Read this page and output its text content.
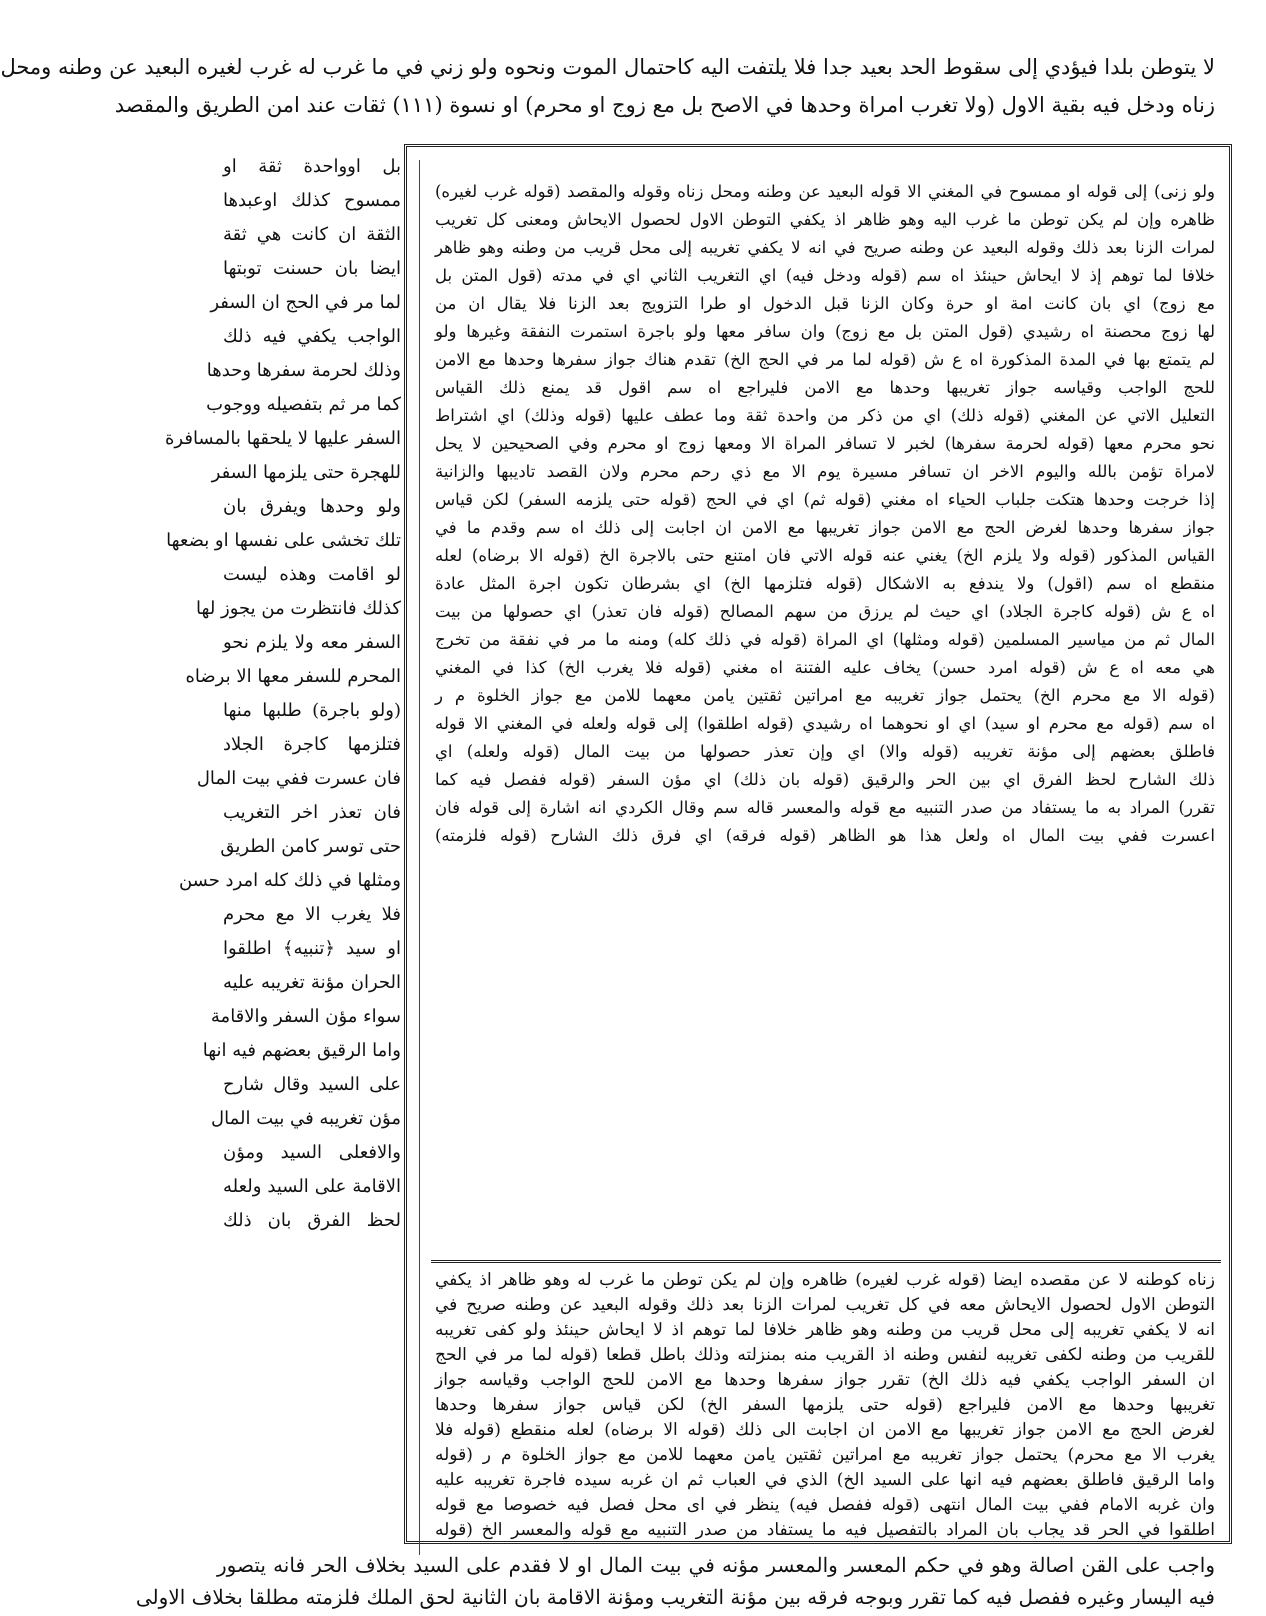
لا يتوطن بلدا فيؤدي إلى سقوط الحد بعيد جدا فلا يلتفت اليه كاحتمال الموت ونحوه ولو زني في ما غرب له غرب لغيره البعيد عن وطنه ومحل
زناه ودخل فيه بقية الاول (ولا تغرب امراة وحدها في الاصح بل مع زوج او محرم) او نسوة (١١١) ثقات عند امن الطريق والمقصد
ولو زنى) إلى قوله او ممسوح في المغني الا قوله البعيد عن وطنه ومحل زناه وقوله والمقصد (قوله غرب لغيره)
ظاهره وإن لم يكن توطن ما غرب اليه وهو ظاهر اذ يكفي التوطن الاول لحصول الايحاش ومعنى كل تغريب
لمرات الزنا بعد ذلك وقوله البعيد عن وطنه صريح في انه لا يكفي تغريبه إلى محل قريب من وطنه وهو ظاهر
خلافا لما توهم إذ لا ايحاش حينئذ اه سم (قوله ودخل فيه) اي التغريب الثاني اي في مدته (قول المتن بل
مع زوج) اي بان كانت امة او حرة وكان الزنا قبل الدخول او طرا التزويج بعد الزنا فلا يقال ان من
لها زوج محصنة اه رشيدي (قول المتن بل مع زوج) وان سافر معها ولو باجرة استمرت النفقة وغيرها ولو
لم يتمتع بها في المدة المذكورة اه ع ش (قوله لما مر في الحج الخ) تقدم هناك جواز سفرها وحدها مع الامن
للحج الواجب وقياسه جواز تغريبها وحدها مع الامن فليراجع اه سم اقول قد يمنع ذلك القياس
التعليل الاتي عن المغني (قوله ذلك) اي من ذكر من واحدة ثقة وما عطف عليها (قوله وذلك) اي اشتراط
نحو محرم معها (قوله لحرمة سفرها) لخبر لا تسافر المراة الا ومعها زوج او محرم وفي الصحيحين لا يحل
لامراة تؤمن بالله واليوم الاخر ان تسافر مسيرة يوم الا مع ذي رحم محرم ولان القصد تاديبها والزانية
إذا خرجت وحدها هتكت جلباب الحياء اه مغني (قوله ثم) اي في الحج (قوله حتى يلزمه السفر) لكن قياس
جواز سفرها وحدها لغرض الحج مع الامن جواز تغريبها مع الامن ان اجابت إلى ذلك اه سم وقدم ما في
القياس المذكور (قوله ولا يلزم الخ) يغني عنه قوله الاتي فان امتنع حتى بالاجرة الخ (قوله الا برضاه) لعله
منقطع اه سم (اقول) ولا يندفع به الاشكال (قوله فتلزمها الخ) اي بشرطان تكون اجرة المثل عادة
اه ع ش (قوله كاجرة الجلاد) اي حيث لم يرزق من سهم المصالح (قوله فان تعذر) اي حصولها من بيت
المال ثم من مياسير المسلمين (قوله ومثلها) اي المراة (قوله في ذلك كله) ومنه ما مر في نفقة من تخرج
هي معه اه ع ش (قوله امرد حسن) يخاف عليه الفتنة اه مغني (قوله فلا يغرب الخ) كذا في المغني
(قوله الا مع محرم الخ) يحتمل جواز تغريبه مع امراتين ثقتين يامن معهما للامن مع جواز الخلوة م ر
اه سم (قوله مع محرم او سيد) اي او نحوهما اه رشيدي (قوله اطلقوا) إلى قوله ولعله في المغني الا قوله
فاطلق بعضهم إلى مؤنة تغريبه (قوله والا) اي وإن تعذر حصولها من بيت المال (قوله ولعله) اي
ذلك الشارح لحظ الفرق اي بين الحر والرقيق (قوله بان ذلك) اي مؤن السفر (قوله ففصل فيه كما
تقرر) المراد به ما يستفاد من صدر التنبيه مع قوله والمعسر قاله سم وقال الكردي انه اشارة إلى قوله فان
اعسرت ففي بيت المال اه ولعل هذا هو الظاهر (قوله فرقه) اي فرق ذلك الشارح (قوله فلزمته)
زناه كوطنه لا عن مقصده ايضا (قوله غرب لغيره) ظاهره وإن لم يكن توطن ما غرب له وهو ظاهر اذ يكفي
التوطن الاول لحصول الايحاش معه في كل تغريب لمرات الزنا بعد ذلك وقوله البعيد عن وطنه صريح في
انه لا يكفي تغريبه إلى محل قريب من وطنه وهو ظاهر خلافا لما توهم اذ لا ايحاش حينئذ ولو كفى تغريبه
للقريب من وطنه لكفى تغريبه لنفس وطنه اذ القريب منه بمنزلته وذلك باطل قطعا (قوله لما مر في الحج
ان السفر الواجب يكفي فيه ذلك الخ) تقرر جواز سفرها وحدها مع الامن للحج الواجب وقياسه جواز
تغريبها وحدها مع الامن فليراجع (قوله حتى يلزمها السفر الخ) لكن قياس جواز سفرها وحدها
لغرض الحج مع الامن جواز تغريبها مع الامن ان اجابت الى ذلك (قوله الا برضاه) لعله منقطع (قوله فلا
يغرب الا مع محرم) يحتمل جواز تغريبه مع امراتين ثقتين يامن معهما للامن مع جواز الخلوة م ر (قوله
واما الرقيق فاطلق بعضهم فيه انها على السيد الخ) الذي في العباب ثم ان غربه سيده فاجرة تغريبه عليه
وان غربه الامام ففي بيت المال انتهى (قوله ففصل فيه) ينظر في اى محل فصل فيه خصوصا مع قوله
اطلقوا في الحر قد يجاب بان المراد بالتفصيل فيه ما يستفاد من صدر التنبيه مع قوله والمعسر الخ (قوله
بل اوواحدة ثقة او
ممسوح كذلك اوعبدها
الثقة ان كانت هي ثقة
ايضا بان حسنت توبتها
لما مر في الحج ان السفر
الواجب يكفي فيه ذلك
وذلك لحرمة سفرها وحدها
كما مر ثم بتفصيله ووجوب
السفر عليها لا يلحقها بالمسافرة
للهجرة حتى يلزمها السفر
ولو وحدها ويفرق بان
تلك تخشى على نفسها او بضعها
لو اقامت وهذه ليست
كذلك فانتظرت من يجوز لها
السفر معه ولا يلزم نحو
المحرم للسفر معها الا برضاه
(ولو باجرة) طلبها منها
فتلزمها كاجرة الجلاد
فان عسرت ففي بيت المال
فان تعذر اخر التغريب
حتى توسر كامن الطريق
ومثلها في ذلك كله امرد حسن
فلا يغرب الا مع محرم
او سيد ﴿تنبيه﴾ اطلقوا
الحران مؤنة تغريبه عليه
سواء مؤن السفر والاقامة
واما الرقيق بعضهم فيه انها
على السيد وقال شارح
مؤن تغريبه في بيت المال
والافعلى السيد ومؤن
الاقامة على السيد ولعله
لحظ الفرق بان ذلك
واجب على القن اصالة وهو في حكم المعسر والمعسر مؤنه في بيت المال او لا فقدم على السيد بخلاف الحر فانه يتصور
فيه اليسار وغيره ففصل فيه كما تقرر وبوجه فرقه بين مؤنة التغريب ومؤنة الاقامة بان الثانية لحق الملك فلزمته مطلقا بخلاف الاولى
